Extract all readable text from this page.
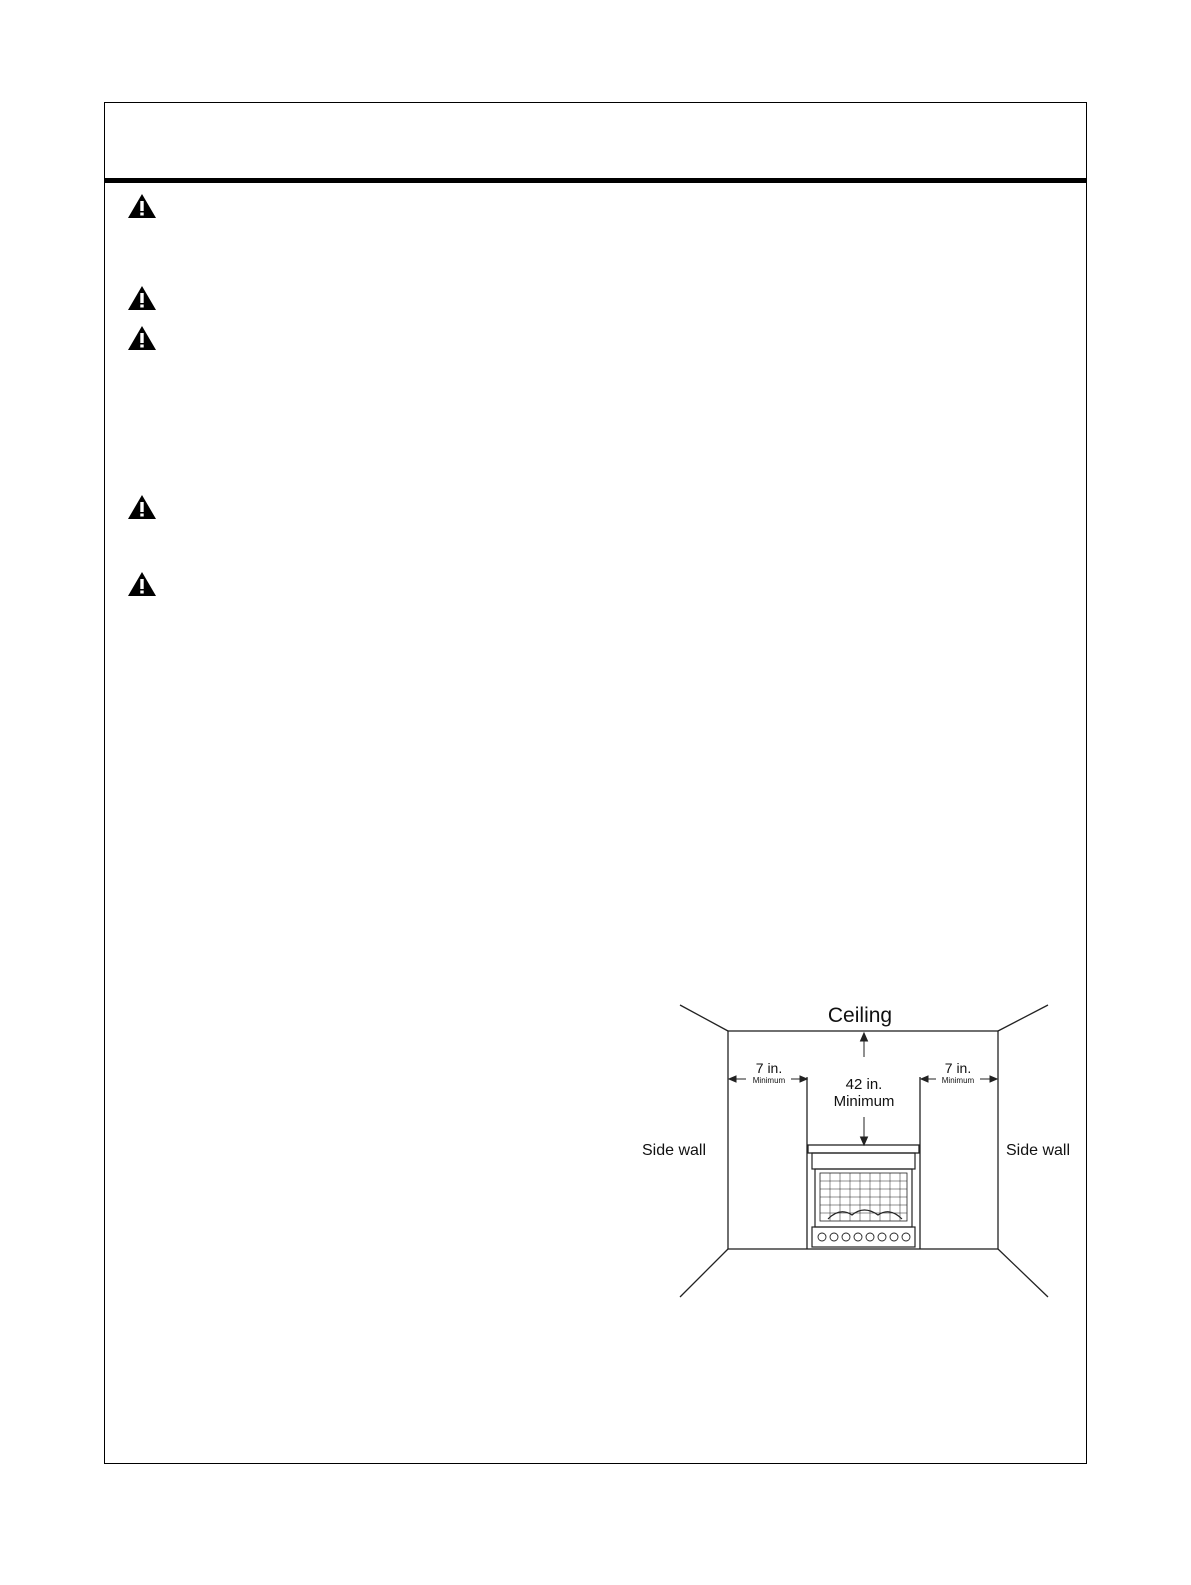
Ceiling
Side wall	Side wall
7 in.
Minimum
7 in.
Minimum
42 in.
Minimum
